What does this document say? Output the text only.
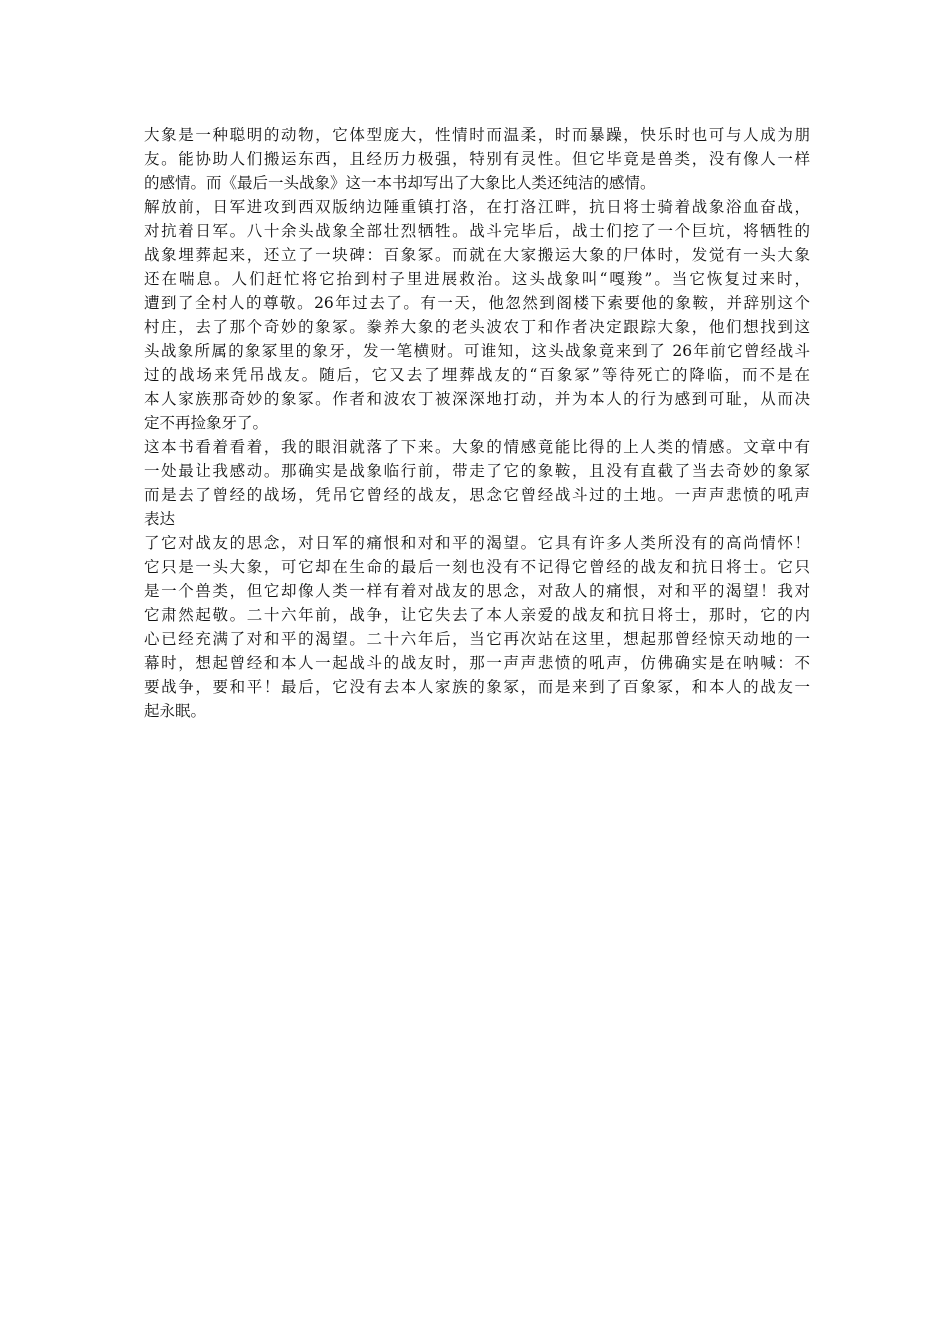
大象是一种聪明的动物，它体型庞大，性情时而温柔，时而暴躁，快乐时也可与人成为朋
友。能协助人们搬运东西，且经历力极强，特别有灵性。但它毕竟是兽类，没有像人一样
的感情。而《最后一头战象》这一本书却写出了大象比人类还纯洁的感情。
解放前，日军进攻到西双版纳边陲重镇打洛，在打洛江畔，抗日将士骑着战象浴血奋战，
对抗着日军。八十余头战象全部壮烈牺牲。战斗完毕后，战士们挖了一个巨坑，将牺牲的
战象埋葬起来，还立了一块碑：百象冢。而就在大家搬运大象的尸体时，发觉有一头大象
还在喘息。人们赶忙将它抬到村子里进展救治。这头战象叫“嘎羧”。当它恢复过来时，
遭到了全村人的尊敬。26年过去了。有一天，他忽然到阁楼下索要他的象鞍，并辞别这个
村庄，去了那个奇妙的象冢。豢养大象的老头波农丁和作者决定跟踪大象，他们想找到这
头战象所属的象冢里的象牙，发一笔横财。可谁知，这头战象竟来到了 26年前它曾经战斗
过的战场来凭吊战友。随后，它又去了埋葬战友的“百象冢”等待死亡的降临，而不是在
本人家族那奇妙的象冢。作者和波农丁被深深地打动，并为本人的行为感到可耻，从而决
定不再捡象牙了。
这本书看着看着，我的眼泪就落了下来。大象的情感竟能比得的上人类的情感。文章中有
一处最让我感动。那确实是战象临行前，带走了它的象鞍，且没有直截了当去奇妙的象冢
而是去了曾经的战场，凭吊它曾经的战友，思念它曾经战斗过的土地。一声声悲愤的吼声
表达
了它对战友的思念，对日军的痛恨和对和平的渴望。它具有许多人类所没有的高尚情怀！
它只是一头大象，可它却在生命的最后一刻也没有不记得它曾经的战友和抗日将士。它只
是一个兽类，但它却像人类一样有着对战友的思念，对敌人的痛恨，对和平的渴望！我对
它肃然起敬。二十六年前，战争，让它失去了本人亲爱的战友和抗日将士，那时，它的内
心已经充满了对和平的渴望。二十六年后，当它再次站在这里，想起那曾经惊天动地的一
幕时，想起曾经和本人一起战斗的战友时，那一声声悲愤的吼声，仿佛确实是在呐喊：不
要战争，要和平！最后，它没有去本人家族的象冢，而是来到了百象冢，和本人的战友一
起永眠。
